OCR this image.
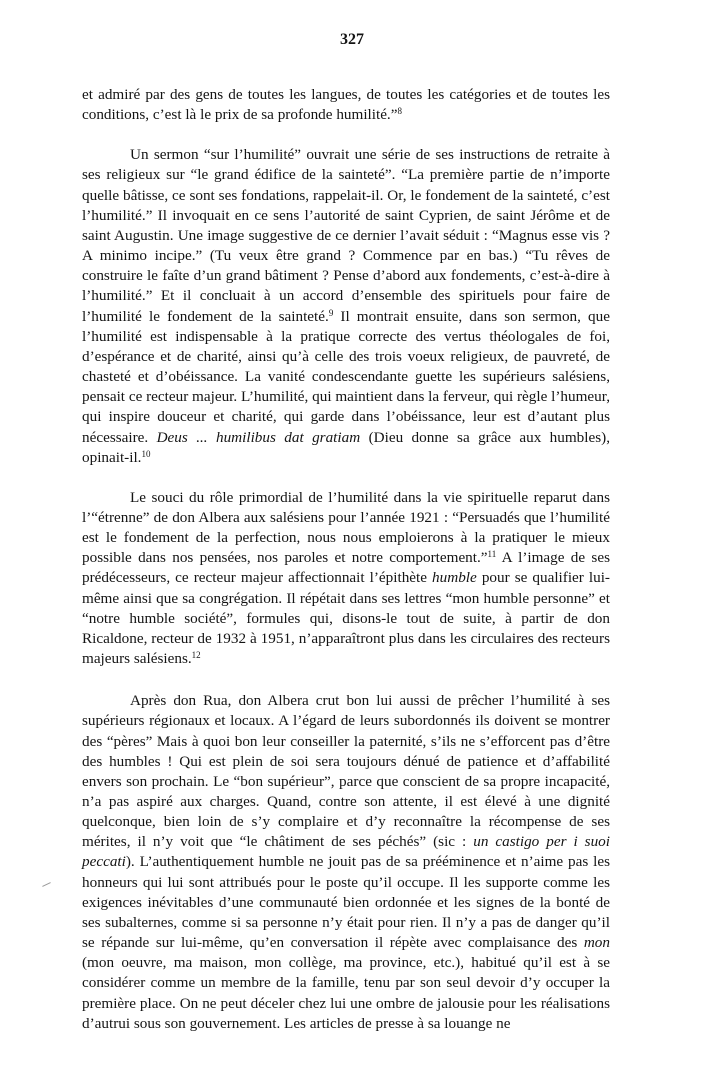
327

et admiré par des gens de toutes les langues, de toutes les catégories et de toutes les conditions, c’est là le prix de sa profonde humilité.”$^8$

Un sermon “sur l’humilité” ouvrait une série de ses instructions de retraite à ses religieux sur “le grand édifice de la sainteté”. “La première partie de n’importe quelle bâtisse, ce sont ses fondations, rappelait-il. Or, le fondement de la sainteté, c’est l’humilité.” Il invoquait en ce sens l’autorité de saint Cyprien, de saint Jérôme et de saint Augustin. Une image suggestive de ce dernier l’avait séduit : “Magnus esse vis ? A minimo incipe.” (Tu veux être grand ? Commence par en bas.) “Tu rêves de construire le faîte d’un grand bâtiment ? Pense d’abord aux fondements, c’est-à-dire à l’humilité.” Et il concluait à un accord d’ensemble des spirituels pour faire de l’humilité le fondement de la sainteté.$^9$ Il montrait ensuite, dans son sermon, que l’humilité est indispensable à la pratique correcte des vertus théologales de foi, d’espérance et de charité, ainsi qu’à celle des trois voeux religieux, de pauvreté, de chasteté et d’obéissance. La vanité condescendante guette les supérieurs salésiens, pensait ce recteur majeur. L’humilité, qui maintient dans la ferveur, qui règle l’humeur, qui inspire douceur et charité, qui garde dans l’obéissance, leur est d’autant plus nécessaire. Deus ... humilibus dat gratiam (Dieu donne sa grâce aux humbles), opinait-il.$^{10}$

Le souci du rôle primordial de l’humilité dans la vie spirituelle reparut dans l’“étrenne” de don Albera aux salésiens pour l’année 1921 : “Persuadés que l’humilité est le fondement de la perfection, nous nous emploierons à la pratiquer le mieux possible dans nos pensées, nos paroles et notre comportement.”$^{11}$ A l’image de ses prédécesseurs, ce recteur majeur affectionnait l’épithète humble pour se qualifier lui-même ainsi que sa congrégation. Il répétait dans ses lettres “mon humble personne” et “notre humble société”, formules qui, disons-le tout de suite, à partir de don Ricaldone, recteur de 1932 à 1951, n’apparaîtront plus dans les circulaires des recteurs majeurs salésiens.$^{12}$

Après don Rua, don Albera crut bon lui aussi de prêcher l’humilité à ses supérieurs régionaux et locaux. A l’égard de leurs subordonnés ils doivent se montrer des “pères” Mais à quoi bon leur conseiller la paternité, s’ils ne s’efforcent pas d’être des humbles ! Qui est plein de soi sera toujours dénué de patience et d’affabilité envers son prochain. Le “bon supérieur”, parce que conscient de sa propre incapacité, n’a pas aspiré aux charges. Quand, contre son attente, il est élevé à une dignité quelconque, bien loin de s’y complaire et d’y reconnaître la récompense de ses mérites, il n’y voit que “le châtiment de ses péchés” (sic : un castigo per i suoi peccati). L’authentiquement humble ne jouit pas de sa prééminence et n’aime pas les honneurs qui lui sont attribués pour le poste qu’il occupe. Il les supporte comme les exigences inévitables d’une communauté bien ordonnée et les signes de la bonté de ses subalternes, comme si sa personne n’y était pour rien. Il n’y a pas de danger qu’il se répande sur lui-même, qu’en conversation il répète avec complaisance des mon (mon oeuvre, ma maison, mon collège, ma province, etc.), habitué qu’il est à se considérer comme un membre de la famille, tenu par son seul devoir d’y occuper la première place. On ne peut déceler chez lui une ombre de jalousie pour les réalisations d’autrui sous son gouvernement. Les articles de presse à sa louange ne
